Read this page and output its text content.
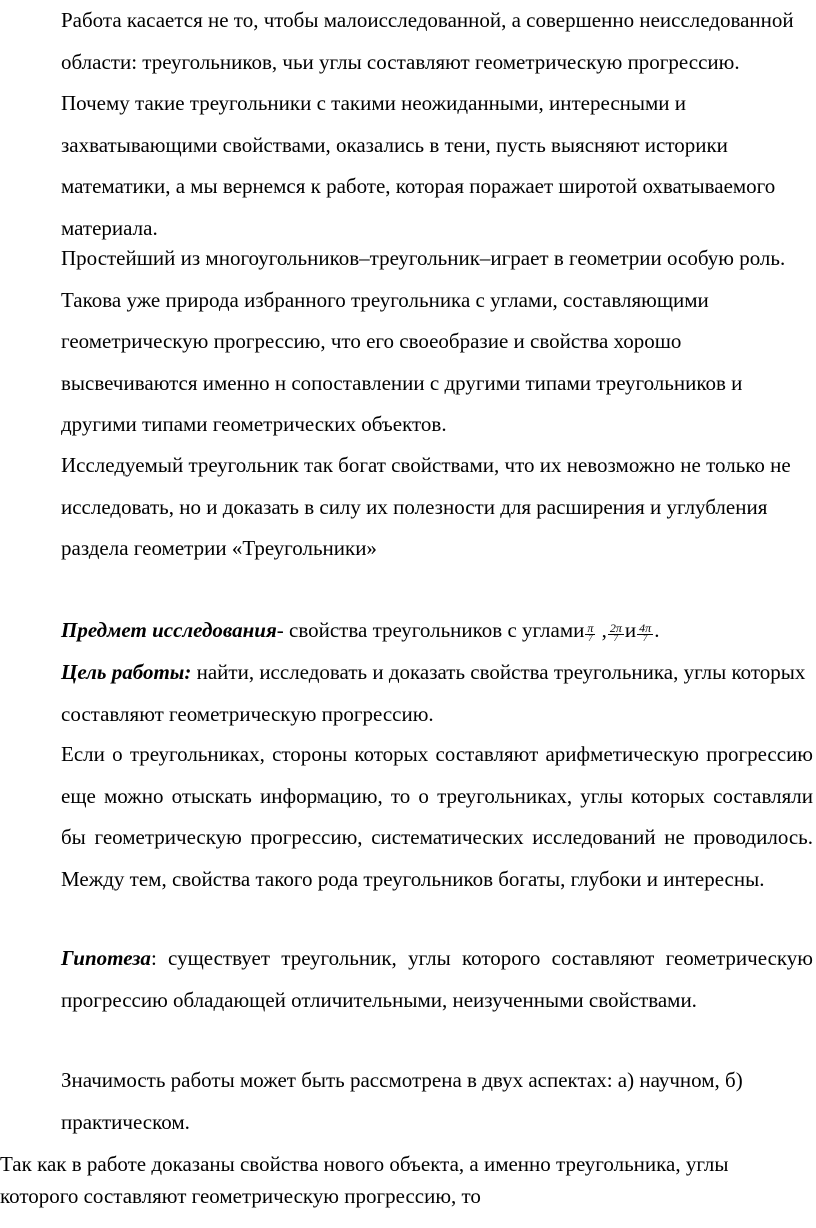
Работа касается не то, чтобы малоисследованной, а совершенно неисследованной области: треугольников, чьи углы составляют геометрическую прогрессию. Почему такие треугольники с такими неожиданными, интересными и захватывающими свойствами, оказались в тени, пусть выясняют историки математики, а мы вернемся к работе, которая поражает широтой охватываемого материала.

Простейший из многоугольников–треугольник–играет в геометрии особую роль. Такова уже природа избранного треугольника с углами, составляющими геометрическую прогрессию, что его своеобразие и свойства хорошо высвечиваются именно н сопоставлении с другими типами треугольников и другими типами геометрических объектов.

Исследуемый треугольник так богат свойствами, что их невозможно не только не исследовать, но и доказать в силу их полезности для расширения и углубления раздела геометрии «Треугольники»

Предмет исследования- свойства треугольников с углами $\frac{\pi}{7}$ , $\frac{2\pi}{7}$ и $\frac{4\pi}{7}$ .

Цель работы: найти, исследовать и доказать свойства треугольника, углы которых составляют геометрическую прогрессию.

Если о треугольниках, стороны которых составляют арифметическую прогрессию еще можно отыскать информацию, то о треугольниках, углы которых составляли бы геометрическую прогрессию, систематических исследований не проводилось. Между тем, свойства такого рода треугольников богаты, глубоки и интересны.

Гипотеза: существует треугольник, углы которого составляют геометрическую прогрессию обладающей отличительными, неизученными свойствами.

Значимость работы может быть рассмотрена в двух аспектах: а) научном, б) практическом.

Так как в работе доказаны свойства нового объекта, а именно треугольника, углы которого составляют геометрическую прогрессию, то
